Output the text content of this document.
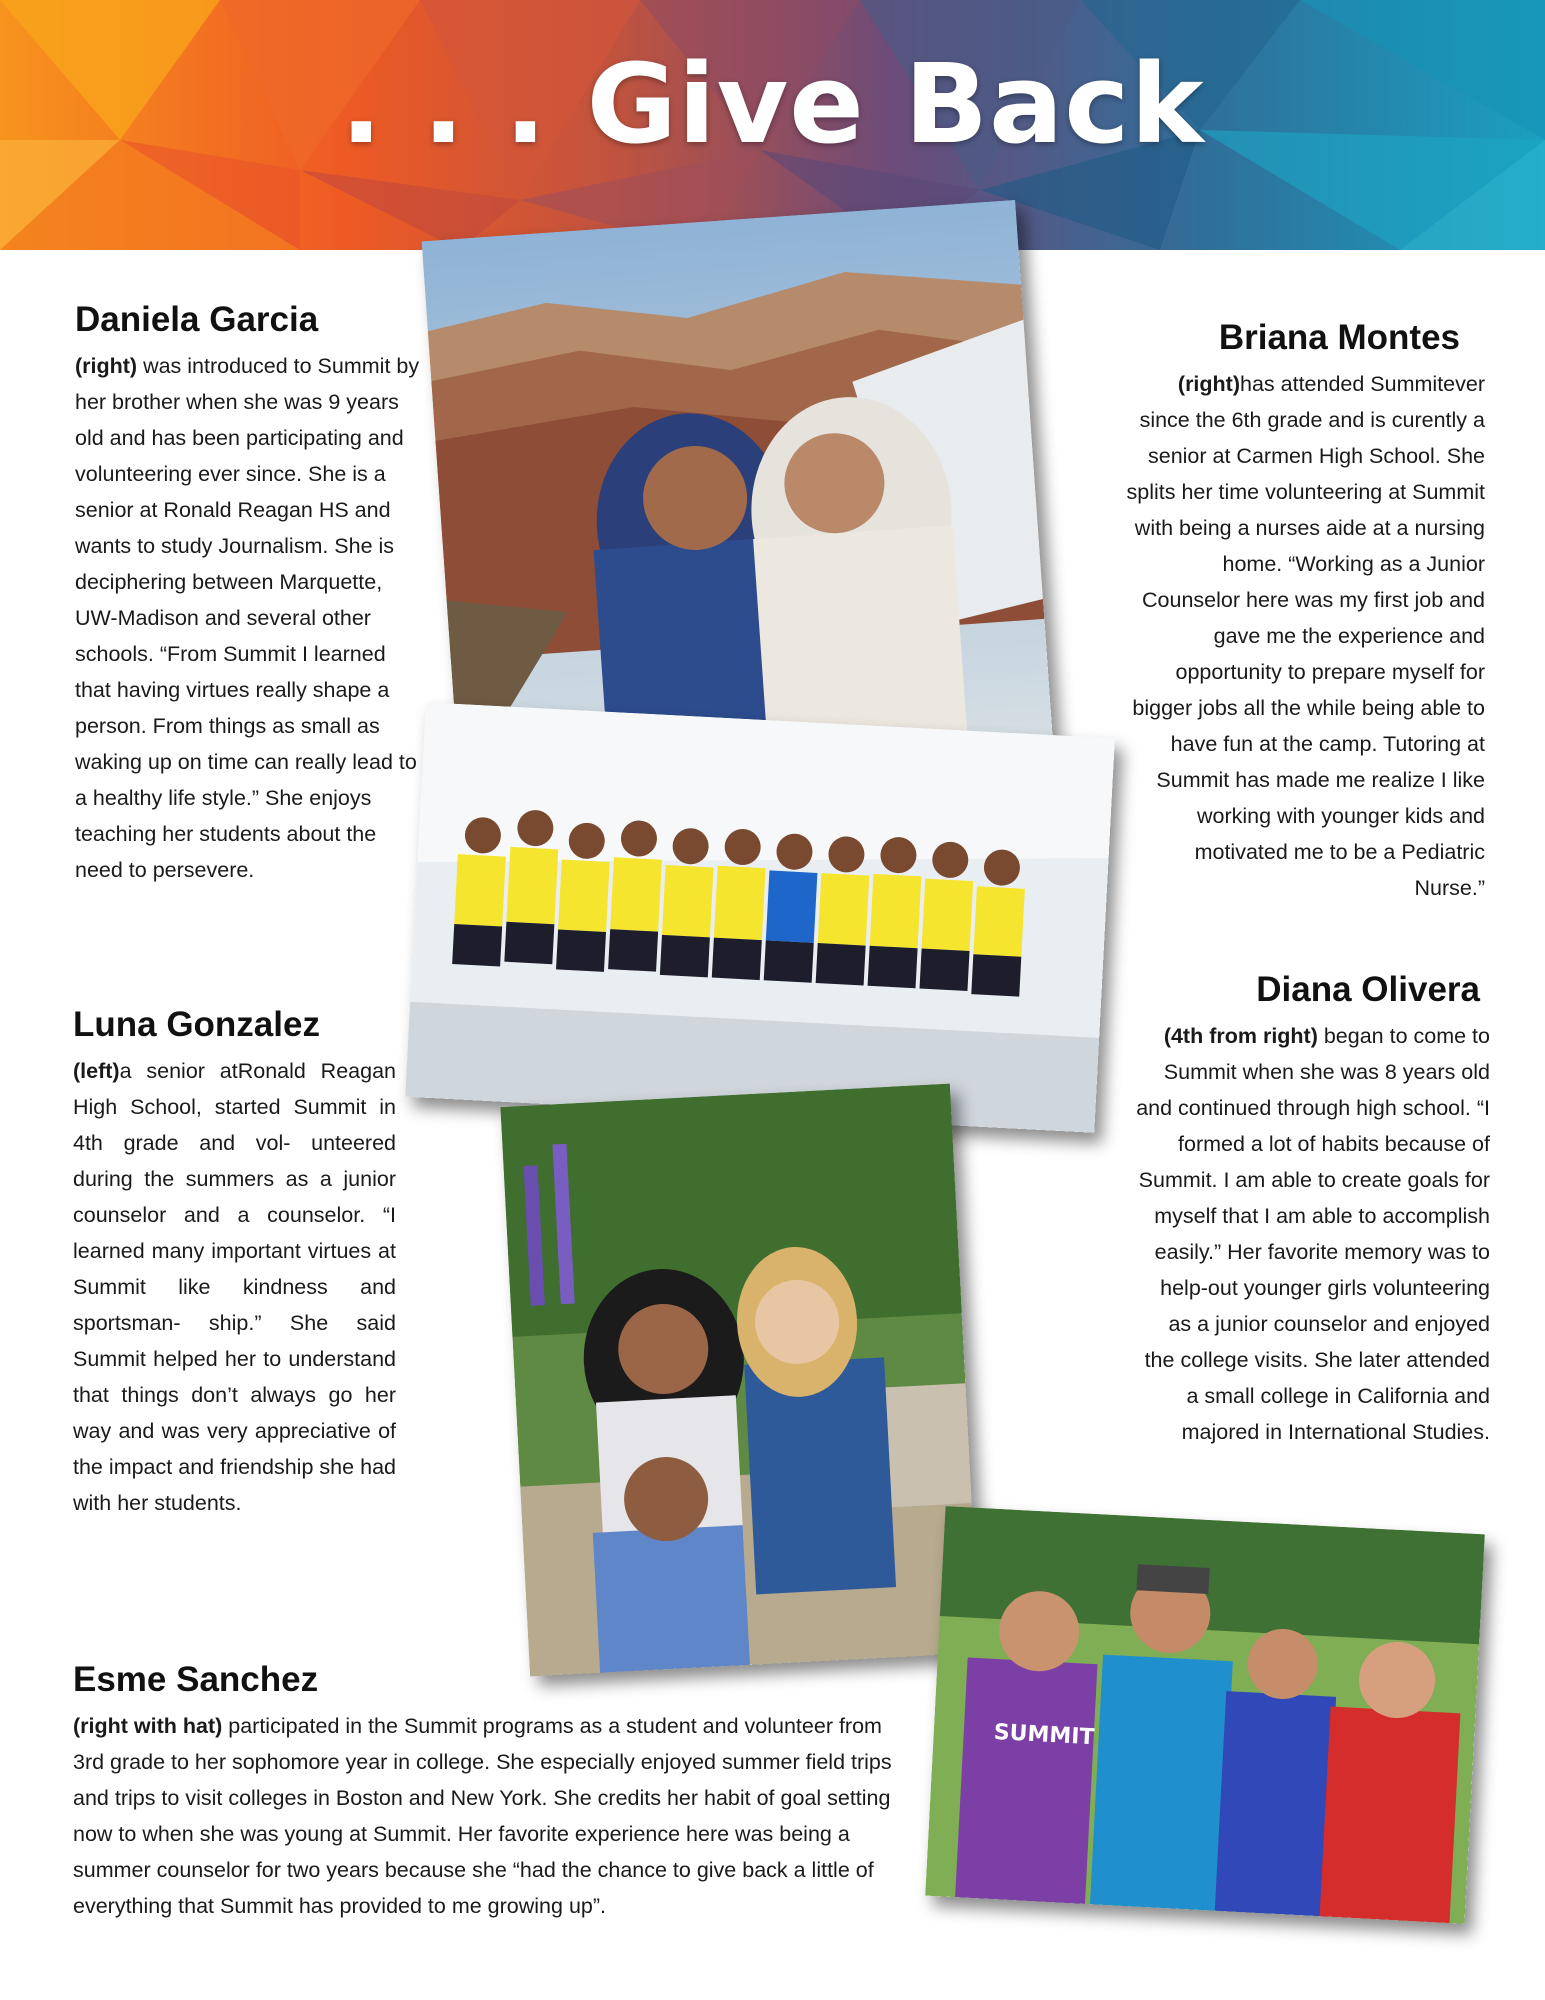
. . . Give Back
SUMMIT
Daniela Garcia

(right) was introduced to Summit by her brother when she was 9 years old and has been participating and volunteering ever since. She is a senior at Ronald Reagan HS and wants to study Journalism. She is deciphering between Marquette, UW-Madison and several other schools. “From Summit I learned that having virtues really shape a person. From things as small as waking up on time can really lead to a healthy life style.” She enjoys teaching her students about the need to persevere.

Briana Montes

(right)has attended Summitever since the 6th grade and is curently a senior at Carmen High School. She splits her time volunteering at Summit with being a nurses aide at a nursing home. “Working as a Junior Counselor here was my first job and gave me the experience and opportunity to prepare myself for bigger jobs all the while being able to have fun at the camp. Tutoring at Summit has made me realize I like working with younger kids and motivated me to be a Pediatric Nurse.”

Luna Gonzalez

(left)a senior atRonald Reagan High School, started Summit in 4th grade and vol- unteered during the summers as a junior counselor and a counselor. “I learned many important virtues at Summit like kindness and sportsman- ship.” She said Summit helped her to understand that things don’t always go her way and was very appreciative of the impact and friendship she had with her students.

Diana Olivera

(4th from right) began to come to Summit when she was 8 years old and continued through high school. “I formed a lot of habits because of Summit. I am able to create goals for myself that I am able to accomplish easily.” Her favorite memory was to help-out younger girls volunteering as a junior counselor and enjoyed the college visits. She later attended a small college in California and majored in International Studies.

Esme Sanchez

(right with hat) participated in the Summit programs as a student and volunteer from 3rd grade to her sophomore year in college. She especially enjoyed summer field trips and trips to visit colleges in Boston and New York. She credits her habit of goal setting now to when she was young at Summit. Her favorite experience here was being a summer counselor for two years because she “had the chance to give back a little of everything that Summit has provided to me growing up”.
